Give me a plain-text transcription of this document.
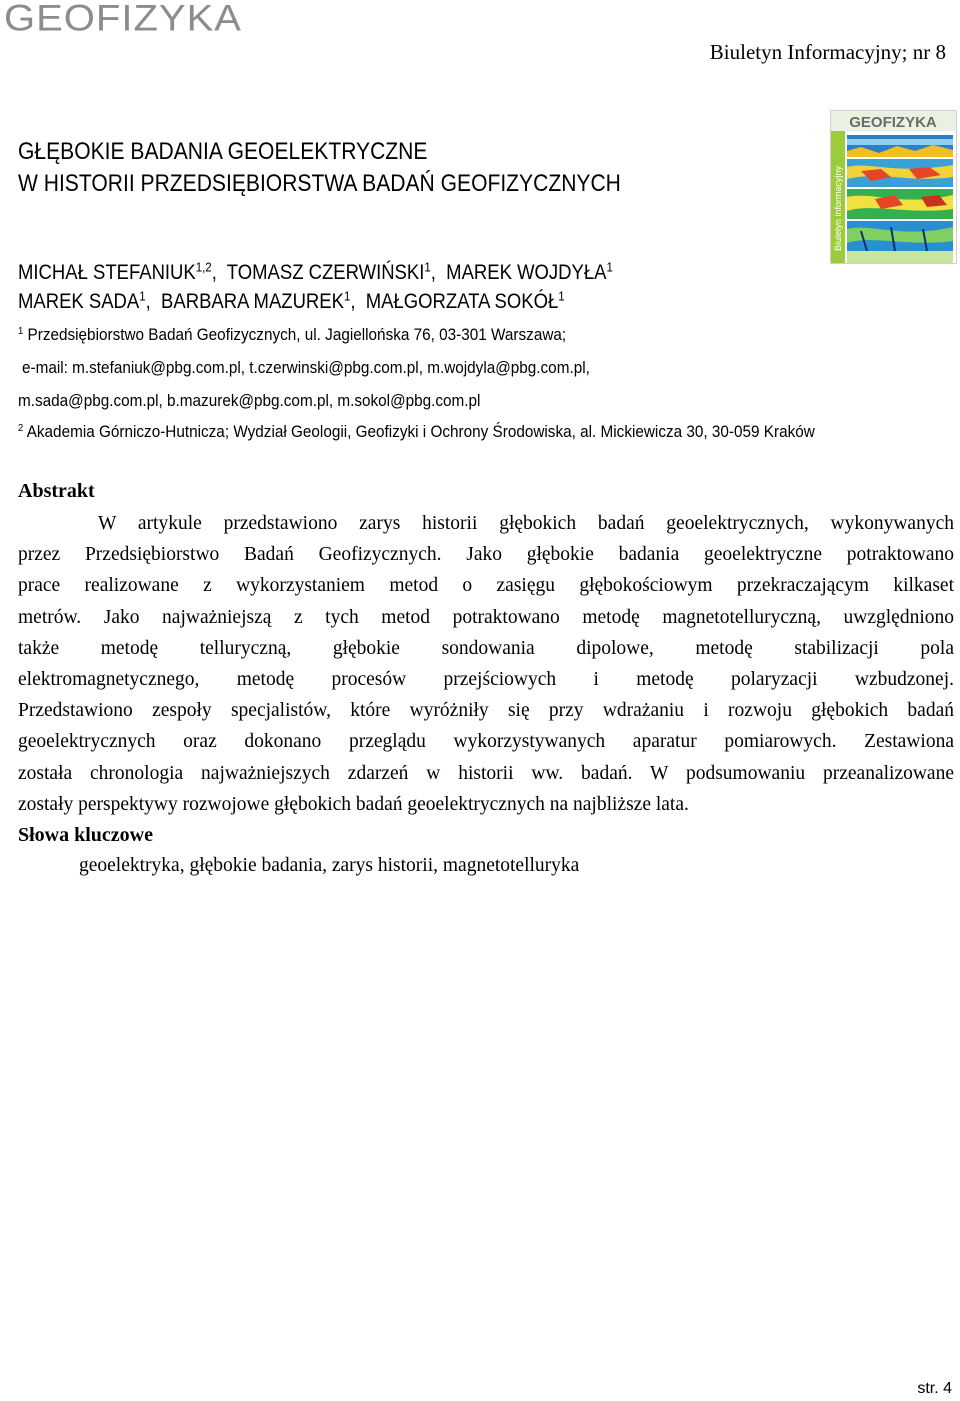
GEOFIZYKA
Biuletyn Informacyjny; nr 8
GEOFIZYKA
Biuletyn informacyjny
GŁĘBOKIE BADANIA GEOELEKTRYCZNE
W HISTORII PRZEDSIĘBIORSTWA BADAŃ GEOFIZYCZNYCH
MICHAŁ STEFANIUK$^{1,2}$,  TOMASZ CZERWIŃSKI$^1$,  MAREK WOJDYŁA$^1$
MAREK SADA$^1$,  BARBARA MAZUREK$^1$,  MAŁGORZATA SOKÓŁ$^1$
$^1$ Przedsiębiorstwo Badań Geofizycznych, ul. Jagiellońska 76, 03-301 Warszawa;
e-mail: m.stefaniuk@pbg.com.pl, t.czerwinski@pbg.com.pl, m.wojdyla@pbg.com.pl,
m.sada@pbg.com.pl, b.mazurek@pbg.com.pl, m.sokol@pbg.com.pl
$^2$ Akademia Górniczo-Hutnicza; Wydział Geologii, Geofizyki i Ochrony Środowiska, al. Mickiewicza 30, 30-059 Kraków
Abstrakt
W artykule przedstawiono zarys historii głębokich badań geoelektrycznych, wykonywanych
przez Przedsiębiorstwo Badań Geofizycznych. Jako głębokie badania geoelektryczne potraktowano
prace realizowane z wykorzystaniem metod o zasięgu głębokościowym przekraczającym kilkaset
metrów. Jako najważniejszą z tych metod potraktowano metodę magnetotelluryczną, uwzględniono
także metodę telluryczną, głębokie sondowania dipolowe, metodę stabilizacji pola
elektromagnetycznego, metodę procesów przejściowych i metodę polaryzacji wzbudzonej.
Przedstawiono zespoły specjalistów, które wyróżniły się przy wdrażaniu i rozwoju głębokich badań
geoelektrycznych oraz dokonano przeglądu wykorzystywanych aparatur pomiarowych. Zestawiona
została chronologia najważniejszych zdarzeń w historii ww. badań. W podsumowaniu przeanalizowane
zostały perspektywy rozwojowe głębokich badań geoelektrycznych na najbliższe lata.
Słowa kluczowe
geoelektryka, głębokie badania, zarys historii, magnetotelluryka
str. 4
